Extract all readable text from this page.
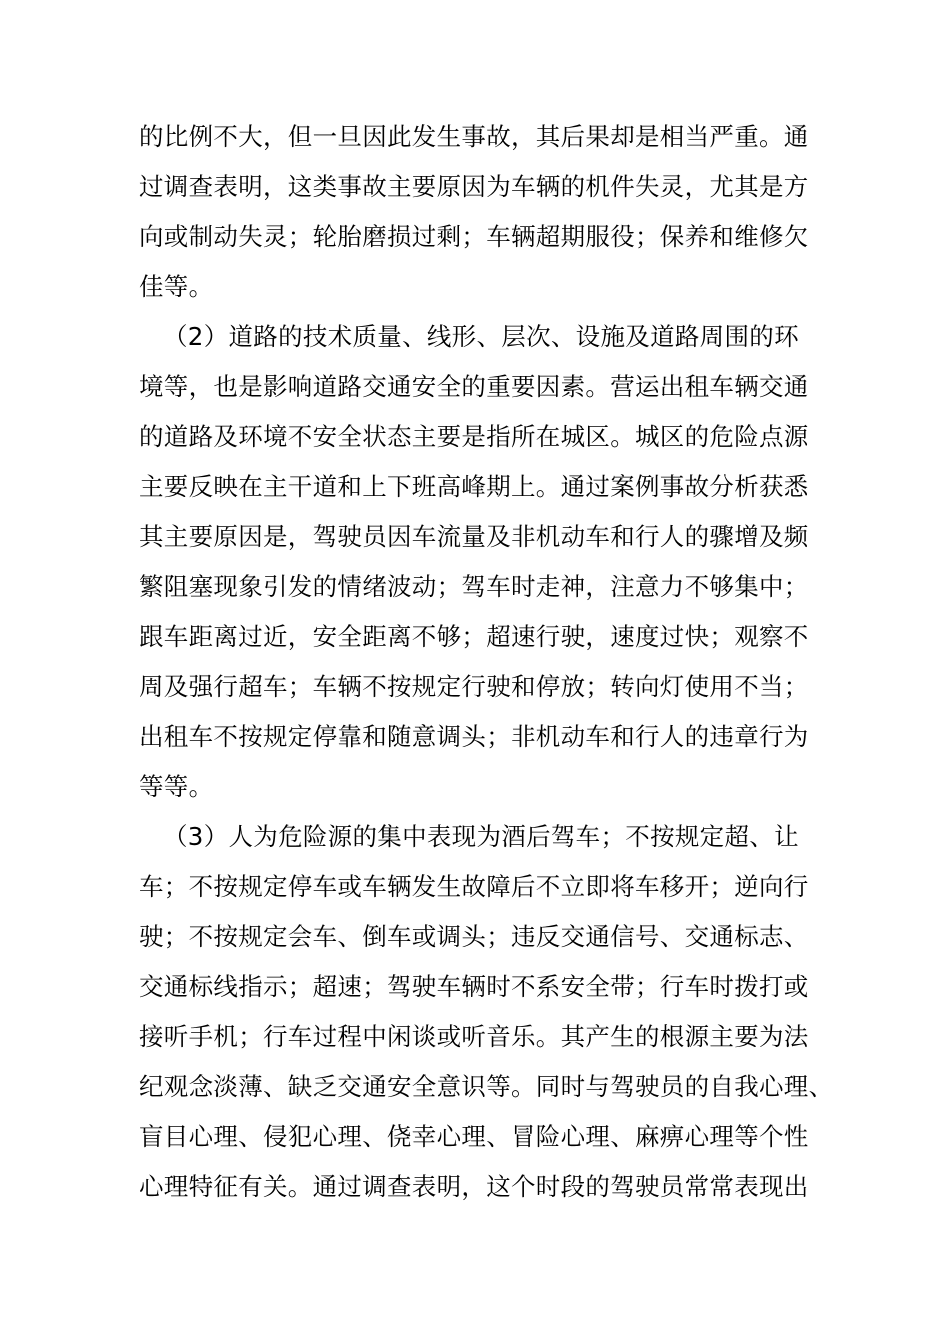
的比例不大，但一旦因此发生事故，其后果却是相当严重。通
过调查表明，这类事故主要原因为车辆的机件失灵，尤其是方
向或制动失灵；轮胎磨损过剩；车辆超期服役；保养和维修欠
佳等。
（2）道路的技术质量、线形、层次、设施及道路周围的环
境等，也是影响道路交通安全的重要因素。营运出租车辆交通
的道路及环境不安全状态主要是指所在城区。城区的危险点源
主要反映在主干道和上下班高峰期上。通过案例事故分析获悉
其主要原因是，驾驶员因车流量及非机动车和行人的骤增及频
繁阻塞现象引发的情绪波动；驾车时走神，注意力不够集中；
跟车距离过近，安全距离不够；超速行驶，速度过快；观察不
周及强行超车；车辆不按规定行驶和停放；转向灯使用不当；
出租车不按规定停靠和随意调头；非机动车和行人的违章行为
等等。
（3）人为危险源的集中表现为酒后驾车；不按规定超、让
车；不按规定停车或车辆发生故障后不立即将车移开；逆向行
驶；不按规定会车、倒车或调头；违反交通信号、交通标志、
交通标线指示；超速；驾驶车辆时不系安全带；行车时拨打或
接听手机；行车过程中闲谈或听音乐。其产生的根源主要为法
纪观念淡薄、缺乏交通安全意识等。同时与驾驶员的自我心理、
盲目心理、侵犯心理、侥幸心理、冒险心理、麻痹心理等个性
心理特征有关。通过调查表明，这个时段的驾驶员常常表现出
